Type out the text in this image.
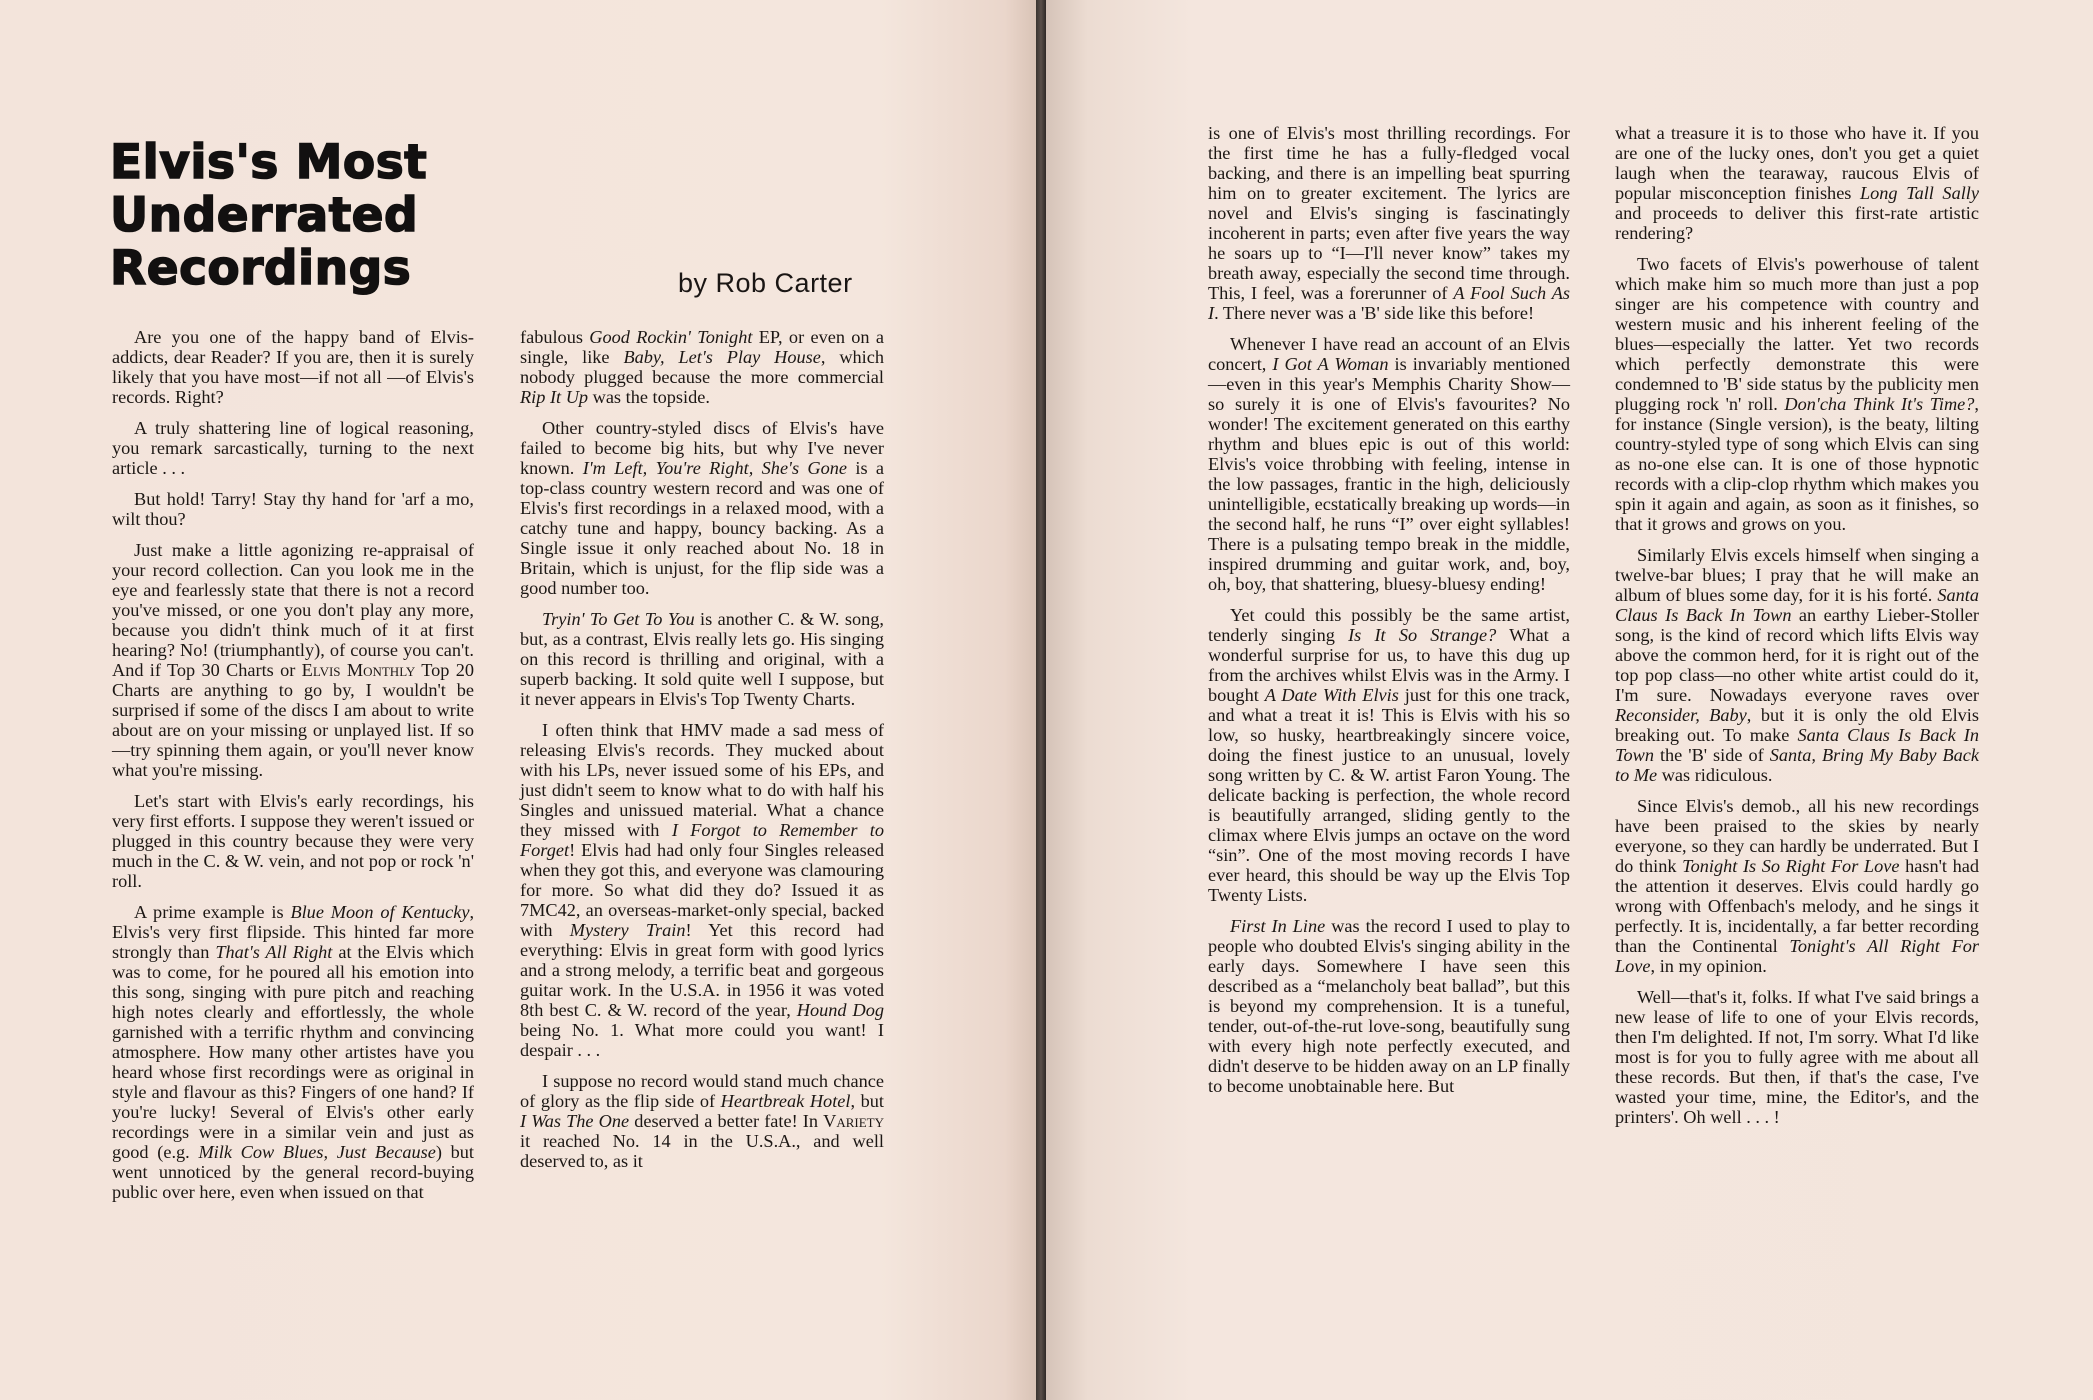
Elvis's Most Underrated Recordings	by Rob Carter

Are you one of the happy band of Elvis-addicts, dear Reader? If you are, then it is surely likely that you have most—if not all —of Elvis's records. Right?

A truly shattering line of logical reasoning, you remark sarcastically, turning to the next article . . .

But hold! Tarry! Stay thy hand for 'arf a mo, wilt thou?

Just make a little agonizing re-appraisal of your record collection. Can you look me in the eye and fearlessly state that there is not a record you've missed, or one you don't play any more, because you didn't think much of it at first hearing? No! (triumphantly), of course you can't. And if Top 30 Charts or Elvis Monthly Top 20 Charts are anything to go by, I wouldn't be surprised if some of the discs I am about to write about are on your missing or unplayed list. If so—try spinning them again, or you'll never know what you're missing.

Let's start with Elvis's early recordings, his very first efforts. I suppose they weren't issued or plugged in this country because they were very much in the C. & W. vein, and not pop or rock 'n' roll.

A prime example is Blue Moon of Kentucky, Elvis's very first flipside. This hinted far more strongly than That's All Right at the Elvis which was to come, for he poured all his emotion into this song, singing with pure pitch and reaching high notes clearly and effortlessly, the whole garnished with a terrific rhythm and convincing atmosphere. How many other artistes have you heard whose first recordings were as original in style and flavour as this? Fingers of one hand? If you're lucky! Several of Elvis's other early recordings were in a similar vein and just as good (e.g. Milk Cow Blues, Just Because) but went unnoticed by the general record-buying public over here, even when issued on that

fabulous Good Rockin' Tonight EP, or even on a single, like Baby, Let's Play House, which nobody plugged because the more commercial Rip It Up was the topside.

Other country-styled discs of Elvis's have failed to become big hits, but why I've never known. I'm Left, You're Right, She's Gone is a top-class country western record and was one of Elvis's first recordings in a relaxed mood, with a catchy tune and happy, bouncy backing. As a Single issue it only reached about No. 18 in Britain, which is unjust, for the flip side was a good number too.

Tryin' To Get To You is another C. & W. song, but, as a contrast, Elvis really lets go. His singing on this record is thrilling and original, with a superb backing. It sold quite well I suppose, but it never appears in Elvis's Top Twenty Charts.

I often think that HMV made a sad mess of releasing Elvis's records. They mucked about with his LPs, never issued some of his EPs, and just didn't seem to know what to do with half his Singles and unissued material. What a chance they missed with I Forgot to Remember to Forget! Elvis had had only four Singles released when they got this, and everyone was clamouring for more. So what did they do? Issued it as 7MC42, an overseas-market-only special, backed with Mystery Train! Yet this record had everything: Elvis in great form with good lyrics and a strong melody, a terrific beat and gorgeous guitar work. In the U.S.A. in 1956 it was voted 8th best C. & W. record of the year, Hound Dog being No. 1. What more could you want! I despair . . .

I suppose no record would stand much chance of glory as the flip side of Heartbreak Hotel, but I Was The One deserved a better fate! In Variety it reached No. 14 in the U.S.A., and well deserved to, as it

is one of Elvis's most thrilling recordings. For the first time he has a fully-fledged vocal backing, and there is an impelling beat spurring him on to greater excitement. The lyrics are novel and Elvis's singing is fascinatingly incoherent in parts; even after five years the way he soars up to “I—I'll never know” takes my breath away, especially the second time through. This, I feel, was a forerunner of A Fool Such As I. There never was a 'B' side like this before!

Whenever I have read an account of an Elvis concert, I Got A Woman is invariably mentioned—even in this year's Memphis Charity Show—so surely it is one of Elvis's favourites? No wonder! The excitement generated on this earthy rhythm and blues epic is out of this world: Elvis's voice throbbing with feeling, intense in the low passages, frantic in the high, deliciously unintelligible, ecstatically breaking up words—in the second half, he runs “I” over eight syllables! There is a pulsating tempo break in the middle, inspired drumming and guitar work, and, boy, oh, boy, that shattering, bluesy-bluesy ending!

Yet could this possibly be the same artist, tenderly singing Is It So Strange? What a wonderful surprise for us, to have this dug up from the archives whilst Elvis was in the Army. I bought A Date With Elvis just for this one track, and what a treat it is! This is Elvis with his so low, so husky, heartbreakingly sincere voice, doing the finest justice to an unusual, lovely song written by C. & W. artist Faron Young. The delicate backing is perfection, the whole record is beautifully arranged, sliding gently to the climax where Elvis jumps an octave on the word “sin”. One of the most moving records I have ever heard, this should be way up the Elvis Top Twenty Lists.

First In Line was the record I used to play to people who doubted Elvis's singing ability in the early days. Somewhere I have seen this described as a “melancholy beat ballad”, but this is beyond my comprehension. It is a tuneful, tender, out-of-the-rut love-song, beautifully sung with every high note perfectly executed, and didn't deserve to be hidden away on an LP finally to become unobtainable here. But

what a treasure it is to those who have it. If you are one of the lucky ones, don't you get a quiet laugh when the tearaway, raucous Elvis of popular misconception finishes Long Tall Sally and proceeds to deliver this first-rate artistic rendering?

Two facets of Elvis's powerhouse of talent which make him so much more than just a pop singer are his competence with country and western music and his inherent feeling of the blues—especially the latter. Yet two records which perfectly demonstrate this were condemned to 'B' side status by the publicity men plugging rock 'n' roll. Don'cha Think It's Time?, for instance (Single version), is the beaty, lilting country-styled type of song which Elvis can sing as no-one else can. It is one of those hypnotic records with a clip-clop rhythm which makes you spin it again and again, as soon as it finishes, so that it grows and grows on you.

Similarly Elvis excels himself when singing a twelve-bar blues; I pray that he will make an album of blues some day, for it is his forté. Santa Claus Is Back In Town an earthy Lieber-Stoller song, is the kind of record which lifts Elvis way above the common herd, for it is right out of the top pop class—no other white artist could do it, I'm sure. Nowadays everyone raves over Reconsider, Baby, but it is only the old Elvis breaking out. To make Santa Claus Is Back In Town the 'B' side of Santa, Bring My Baby Back to Me was ridiculous.

Since Elvis's demob., all his new recordings have been praised to the skies by nearly everyone, so they can hardly be underrated. But I do think Tonight Is So Right For Love hasn't had the attention it deserves. Elvis could hardly go wrong with Offenbach's melody, and he sings it perfectly. It is, incidentally, a far better recording than the Continental Tonight's All Right For Love, in my opinion.

Well—that's it, folks. If what I've said brings a new lease of life to one of your Elvis records, then I'm delighted. If not, I'm sorry. What I'd like most is for you to fully agree with me about all these records. But then, if that's the case, I've wasted your time, mine, the Editor's, and the printers'. Oh well . . . !
